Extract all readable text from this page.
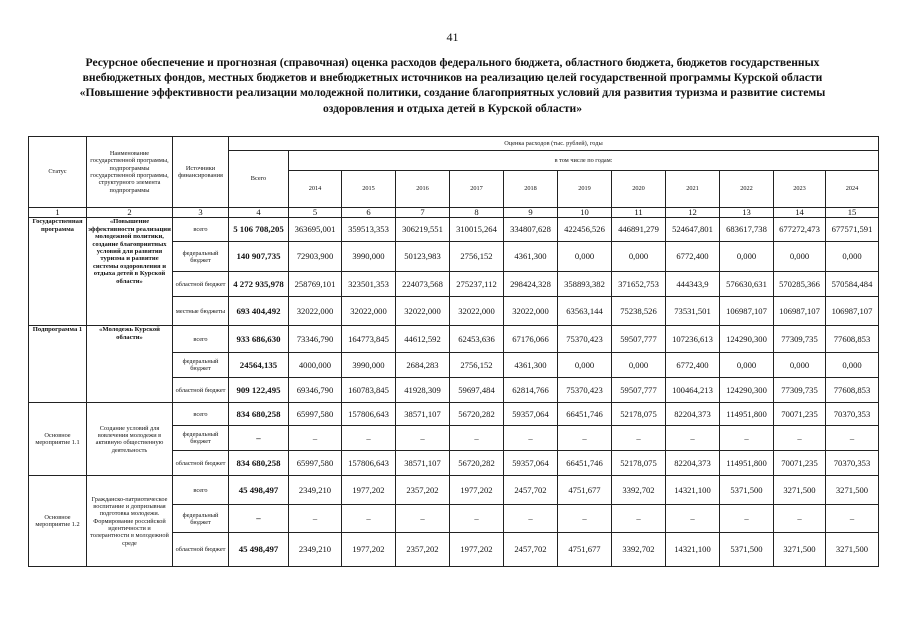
41
Ресурсное обеспечение и прогнозная (справочная) оценка расходов федерального бюджета, областного бюджета, бюджетов государственных внебюджетных фондов, местных бюджетов и внебюджетных источников на реализацию целей государственной программы Курской области «Повышение эффективности реализации молодежной политики, создание благоприятных условий для развития туризма и развитие системы оздоровления и отдыха детей в Курской области»
Статус	Наименование государственной программы, подпрограммы государственной программы, структурного элемента подпрограммы	Источники финансирования	Оценка расходов (тыс. рублей), годы											
			Всего	в том числе по годам:										
				2014	2015	2016	2017	2018	2019	2020	2021	2022	2023	2024
1	2	3	4	5	6	7	8	9	10	11	12	13	14	15
Государственная программа	«Повышение эффективности реализации молодежной политики, создание благоприятных условий для развития туризма и развитие системы оздоровления и отдыха детей в Курской области»	всего	5 106 708,205	363695,001	359513,353	306219,551	310015,264	334807,628	422456,526	446891,279	524647,801	683617,738	677272,473	677571,591
		федеральный бюджет	140 907,735	72903,900	3990,000	50123,983	2756,152	4361,300	0,000	0,000	6772,400	0,000	0,000	0,000
		областной бюджет	4 272 935,978	258769,101	323501,353	224073,568	275237,112	298424,328	358893,382	371652,753	444343,9	576630,631	570285,366	570584,484
		местные бюджеты	693 404,492	32022,000	32022,000	32022,000	32022,000	32022,000	63563,144	75238,526	73531,501	106987,107	106987,107	106987,107
Подпрограмма 1	«Молодежь Курской области»	всего	933 686,630	73346,790	164773,845	44612,592	62453,636	67176,066	75370,423	59507,777	107236,613	124290,300	77309,735	77608,853
		федеральный бюджет	24564,135	4000,000	3990,000	2684,283	2756,152	4361,300	0,000	0,000	6772,400	0,000	0,000	0,000
		областной бюджет	909 122,495	69346,790	160783,845	41928,309	59697,484	62814,766	75370,423	59507,777	100464,213	124290,300	77309,735	77608,853
Основное мероприятие 1.1	Создание условий для вовлечения молодежи в активную общественную деятельность	всего	834 680,258	65997,580	157806,643	38571,107	56720,282	59357,064	66451,746	52178,075	82204,373	114951,800	70071,235	70370,353
		федеральный бюджет	–	–	–	–	–	–	–	–	–	–	–	–
		областной бюджет	834 680,258	65997,580	157806,643	38571,107	56720,282	59357,064	66451,746	52178,075	82204,373	114951,800	70071,235	70370,353
Основное мероприятие 1.2	Гражданско-патриотическое воспитание и допризывная подготовка молодежи. Формирование российской идентичности и толерантности в молодежной среде	всего	45 498,497	2349,210	1977,202	2357,202	1977,202	2457,702	4751,677	3392,702	14321,100	5371,500	3271,500	3271,500
		федеральный бюджет	–	–	–	–	–	–	–	–	–	–	–	–
		областной бюджет	45 498,497	2349,210	1977,202	2357,202	1977,202	2457,702	4751,677	3392,702	14321,100	5371,500	3271,500	3271,500
